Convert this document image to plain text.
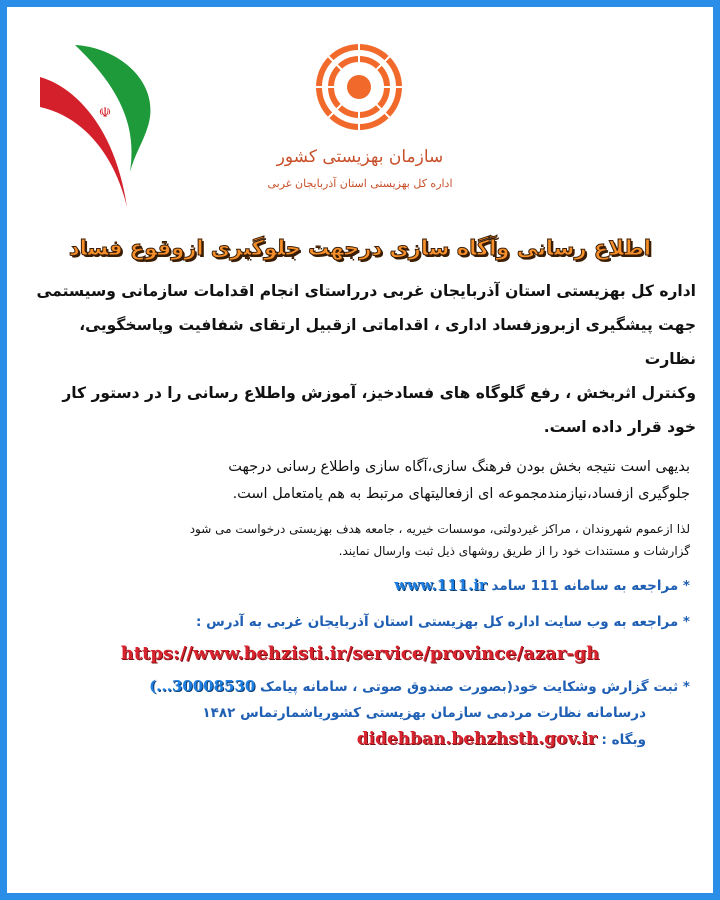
☫
سازمان بهزیستی کشور
اداره کل بهزیستی استان آذربایجان غربی
اطلاع رسانی وآگاه سازی درجهت جلوگیری ازوقوع فساد
اداره کل بهزیستی استان آذربایجان غربی درراستای انجام اقدامات سازمانی وسیستمی
جهت پیشگیری ازبروزفساد اداری ، اقداماتی ازقبیل ارتقای شفافیت وپاسخگویی، نظارت
وکنترل اثربخش ، رفع گلوگاه های فسادخیز، آموزش واطلاع رسانی را در دستور کار
خود قرار داده است.
بدیهی است نتیجه بخش بودن فرهنگ سازی،آگاه سازی واطلاع رسانی درجهت
جلوگیری ازفساد،نیازمندمجموعه ای ازفعالیتهای مرتبط به هم یامتعامل است.
لذا ازعموم شهروندان ، مراکز غیردولتی، موسسات خیریه ، جامعه هدف بهزیستی درخواست می شود
گزارشات و مستندات خود را از طریق روشهای ذیل ثبت وارسال نمایند.
* مراجعه به سامانه 111 سامد www.111.ir
* مراجعه به وب سایت اداره کل بهزیستی استان آذربایجان غربی به آدرس :
https://www.behzisti.ir/service/province/azar-gh
* ثبت گزارش وشکایت خود(بصورت صندوق صوتی ، سامانه پیامک 30008530...)
درسامانه نظارت مردمی سازمان بهزیستی کشوریاشمارتماس ۱۴۸۲
وبگاه : didehban.behzhsth.gov.ir
